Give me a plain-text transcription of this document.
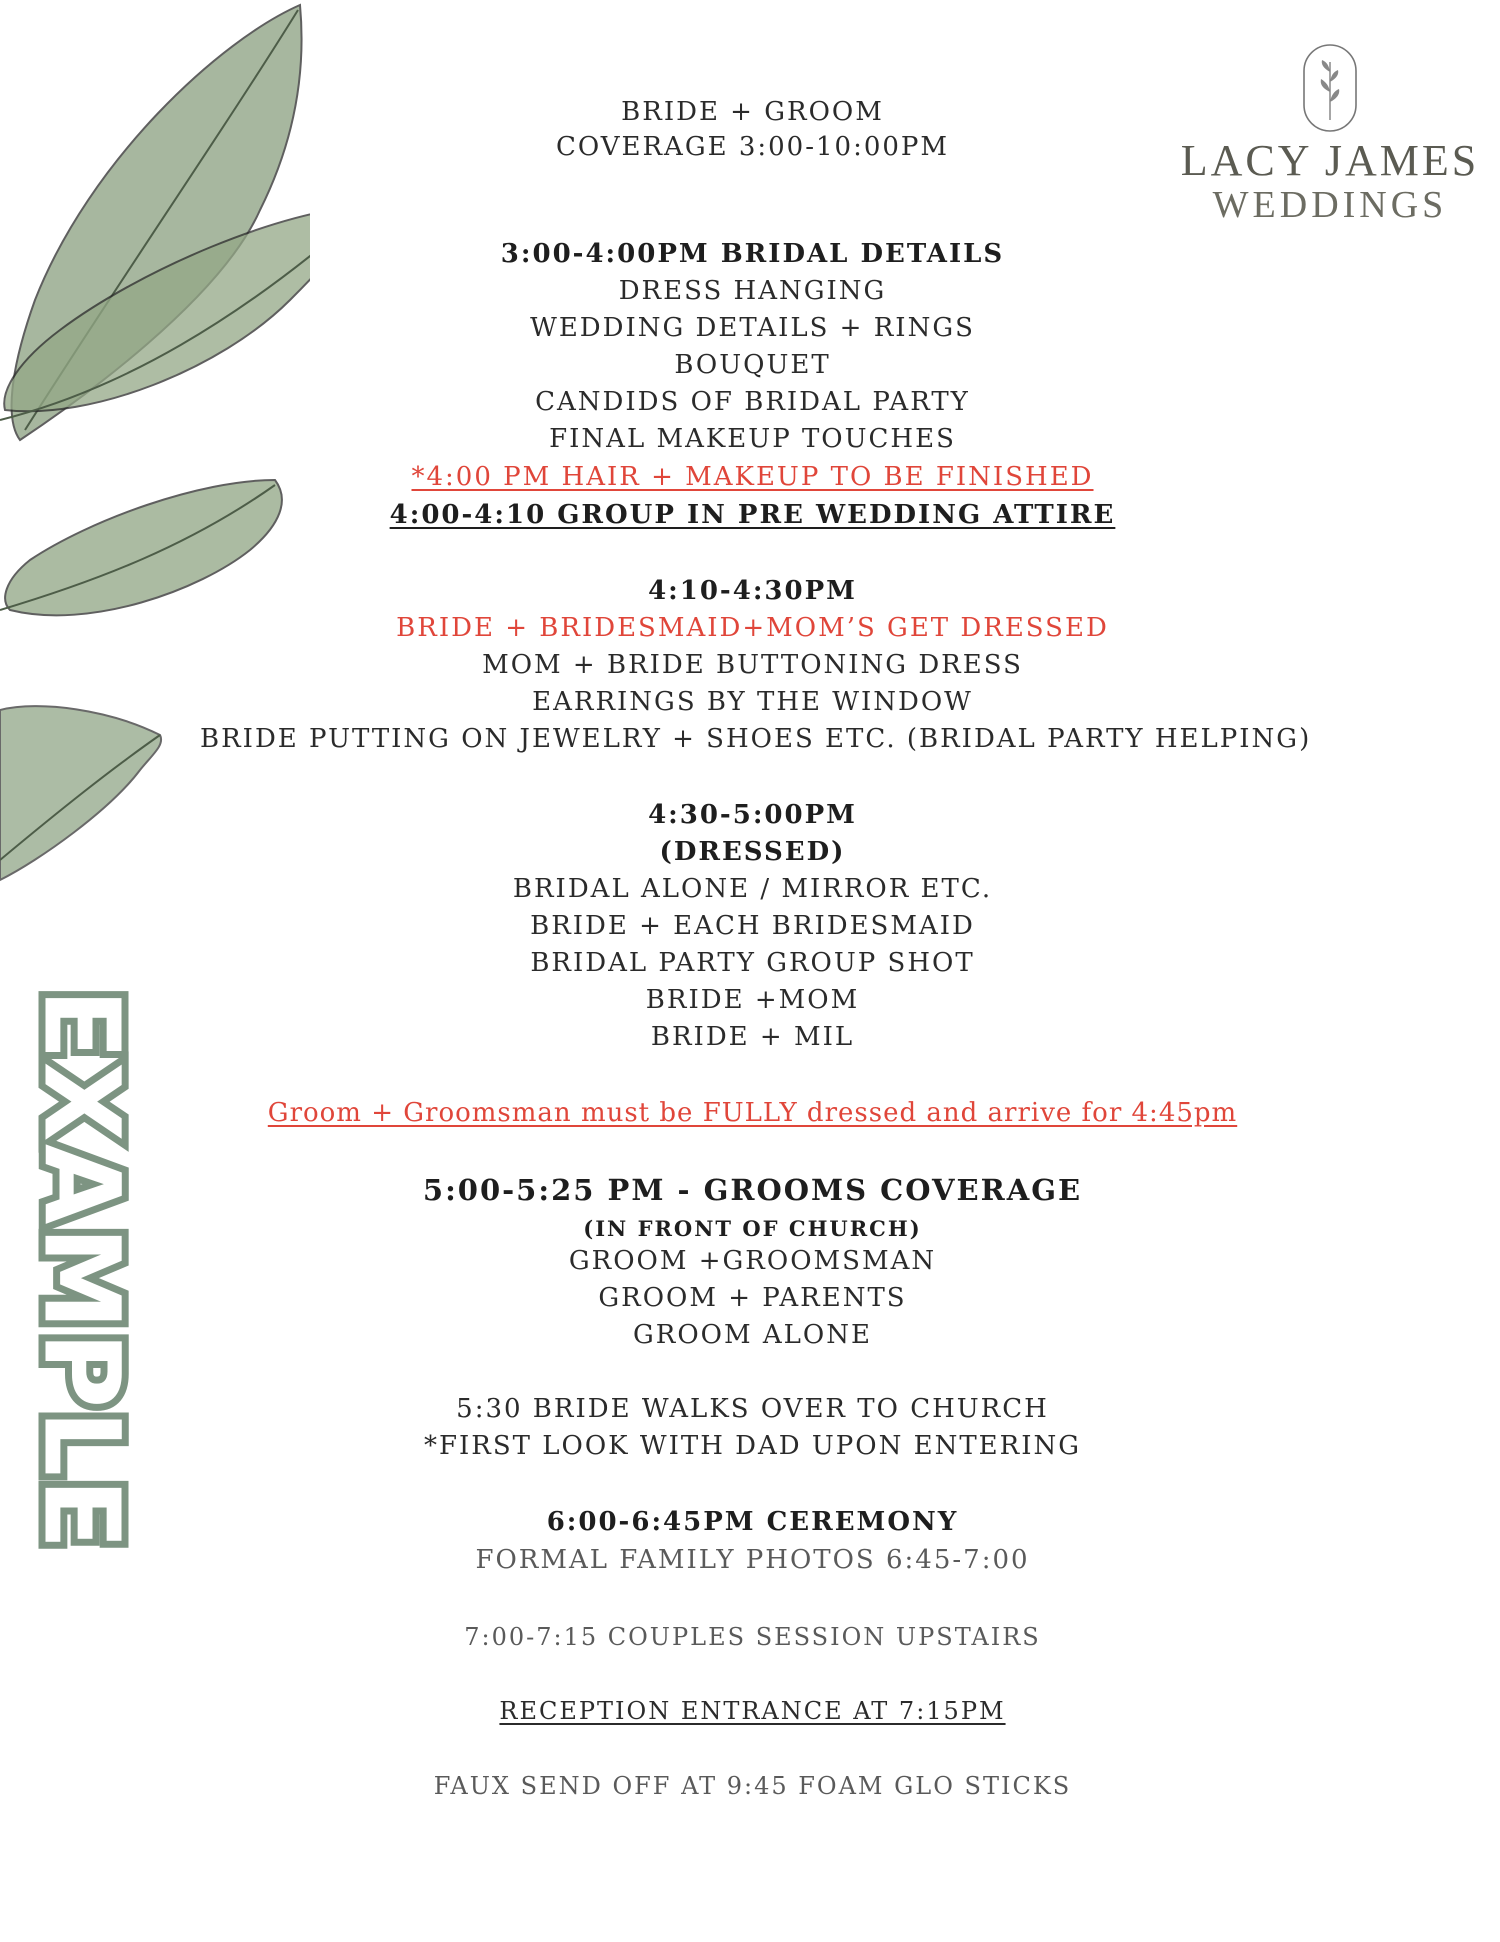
EXAMPLE
LACY JAMES
WEDDINGS
BRIDE + GROOM
COVERAGE 3:00-10:00PM
3:00-4:00PM BRIDAL DETAILS
DRESS HANGING
WEDDING DETAILS + RINGS
BOUQUET
CANDIDS OF BRIDAL PARTY
FINAL MAKEUP TOUCHES
*4:00 PM HAIR + MAKEUP TO BE FINISHED
4:00-4:10 GROUP IN PRE WEDDING ATTIRE
4:10-4:30PM
BRIDE + BRIDESMAID+MOM’S GET DRESSED
MOM + BRIDE BUTTONING DRESS
EARRINGS BY THE WINDOW
BRIDE PUTTING ON JEWELRY + SHOES ETC. (BRIDAL PARTY HELPING)
4:30-5:00PM
(DRESSED)
BRIDAL ALONE / MIRROR ETC.
BRIDE + EACH BRIDESMAID
BRIDAL PARTY GROUP SHOT
BRIDE +MOM
BRIDE + MIL
Groom + Groomsman must be FULLY dressed and arrive for 4:45pm
5:00-5:25 PM - GROOMS COVERAGE
(IN FRONT OF CHURCH)
GROOM +GROOMSMAN
GROOM + PARENTS
GROOM ALONE
5:30 BRIDE WALKS OVER TO CHURCH
*FIRST LOOK WITH DAD UPON ENTERING
6:00-6:45PM CEREMONY
FORMAL FAMILY PHOTOS 6:45-7:00
7:00-7:15 COUPLES SESSION UPSTAIRS
RECEPTION ENTRANCE AT 7:15PM
FAUX SEND OFF AT 9:45 FOAM GLO STICKS
